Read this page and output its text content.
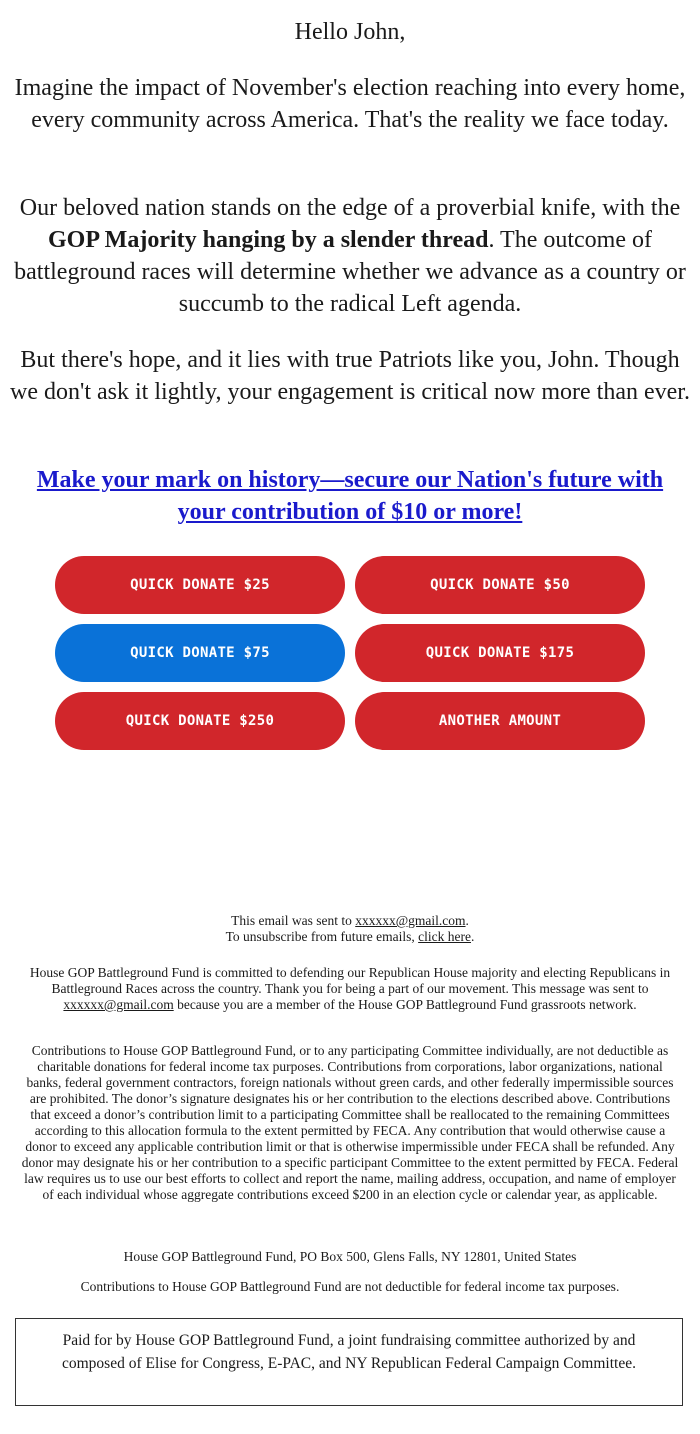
Hello John,
Imagine the impact of November's election reaching into every home, every community across America. That's the reality we face today.
Our beloved nation stands on the edge of a proverbial knife, with the GOP Majority hanging by a slender thread. The outcome of battleground races will determine whether we advance as a country or succumb to the radical Left agenda.
But there's hope, and it lies with true Patriots like you, John. Though we don't ask it lightly, your engagement is critical now more than ever.
Make your mark on history—secure our Nation's future with your contribution of $10 or more!
QUICK DONATE $25	QUICK DONATE $50
QUICK DONATE $75	QUICK DONATE $175
QUICK DONATE $250	ANOTHER AMOUNT
This email was sent to xxxxxx@gmail.com.
To unsubscribe from future emails, click here.
House GOP Battleground Fund is committed to defending our Republican House majority and electing Republicans in Battleground Races across the country. Thank you for being a part of our movement. This message was sent to xxxxxx@gmail.com because you are a member of the House GOP Battleground Fund grassroots network.
Contributions to House GOP Battleground Fund, or to any participating Committee individually, are not deductible as charitable donations for federal income tax purposes. Contributions from corporations, labor organizations, national banks, federal government contractors, foreign nationals without green cards, and other federally impermissible sources are prohibited. The donor’s signature designates his or her contribution to the elections described above. Contributions that exceed a donor’s contribution limit to a participating Committee shall be reallocated to the remaining Committees according to this allocation formula to the extent permitted by FECA. Any contribution that would otherwise cause a donor to exceed any applicable contribution limit or that is otherwise impermissible under FECA shall be refunded. Any donor may designate his or her contribution to a specific participant Committee to the extent permitted by FECA. Federal law requires us to use our best efforts to collect and report the name, mailing address, occupation, and name of employer of each individual whose aggregate contributions exceed $200 in an election cycle or calendar year, as applicable.
House GOP Battleground Fund, PO Box 500, Glens Falls, NY 12801, United States
Contributions to House GOP Battleground Fund are not deductible for federal income tax purposes.
Paid for by House GOP Battleground Fund, a joint fundraising committee authorized by and composed of Elise for Congress, E-PAC, and NY Republican Federal Campaign Committee.
